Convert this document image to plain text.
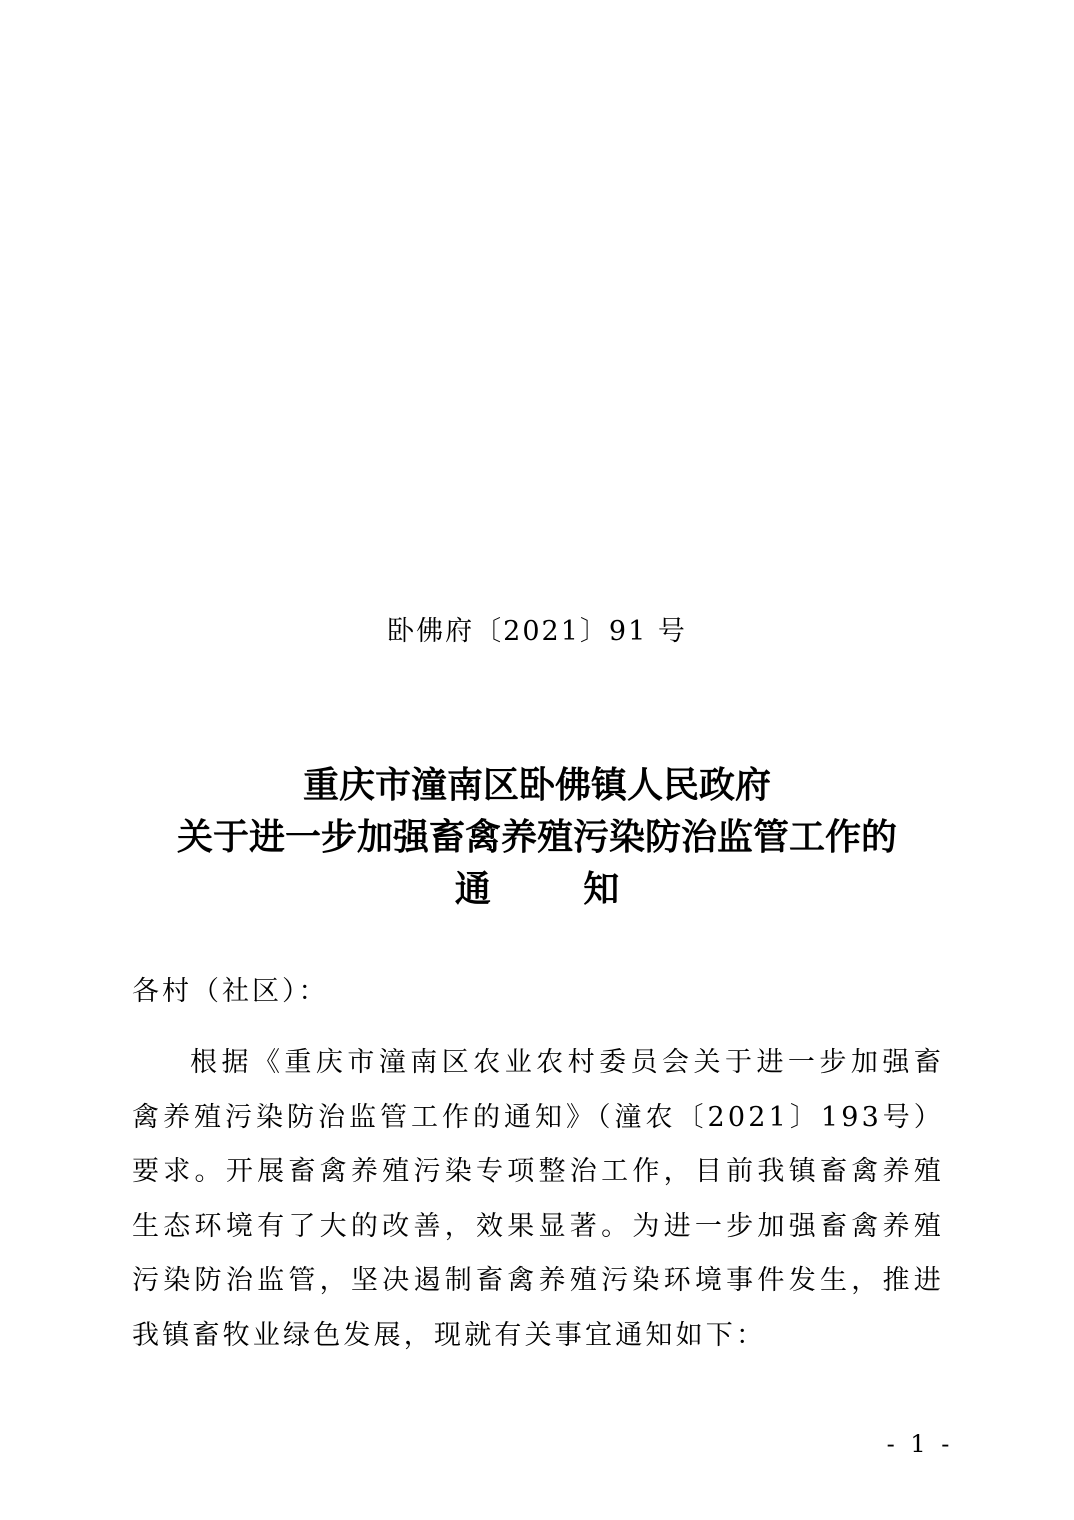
卧佛府〔2021〕91 号
重庆市潼南区卧佛镇人民政府
关于进一步加强畜禽养殖污染防治监管工作的
通 知
各村（社区）：

根据《重庆市潼南区农业农村委员会关于进一步加强畜禽养殖污染防治监管工作的通知》（潼农〔2021〕193号）要求。开展畜禽养殖污染专项整治工作，目前我镇畜禽养殖生态环境有了大的改善，效果显著。为进一步加强畜禽养殖污染防治监管，坚决遏制畜禽养殖污染环境事件发生，推进我镇畜牧业绿色发展，现就有关事宜通知如下：

- 1 -
